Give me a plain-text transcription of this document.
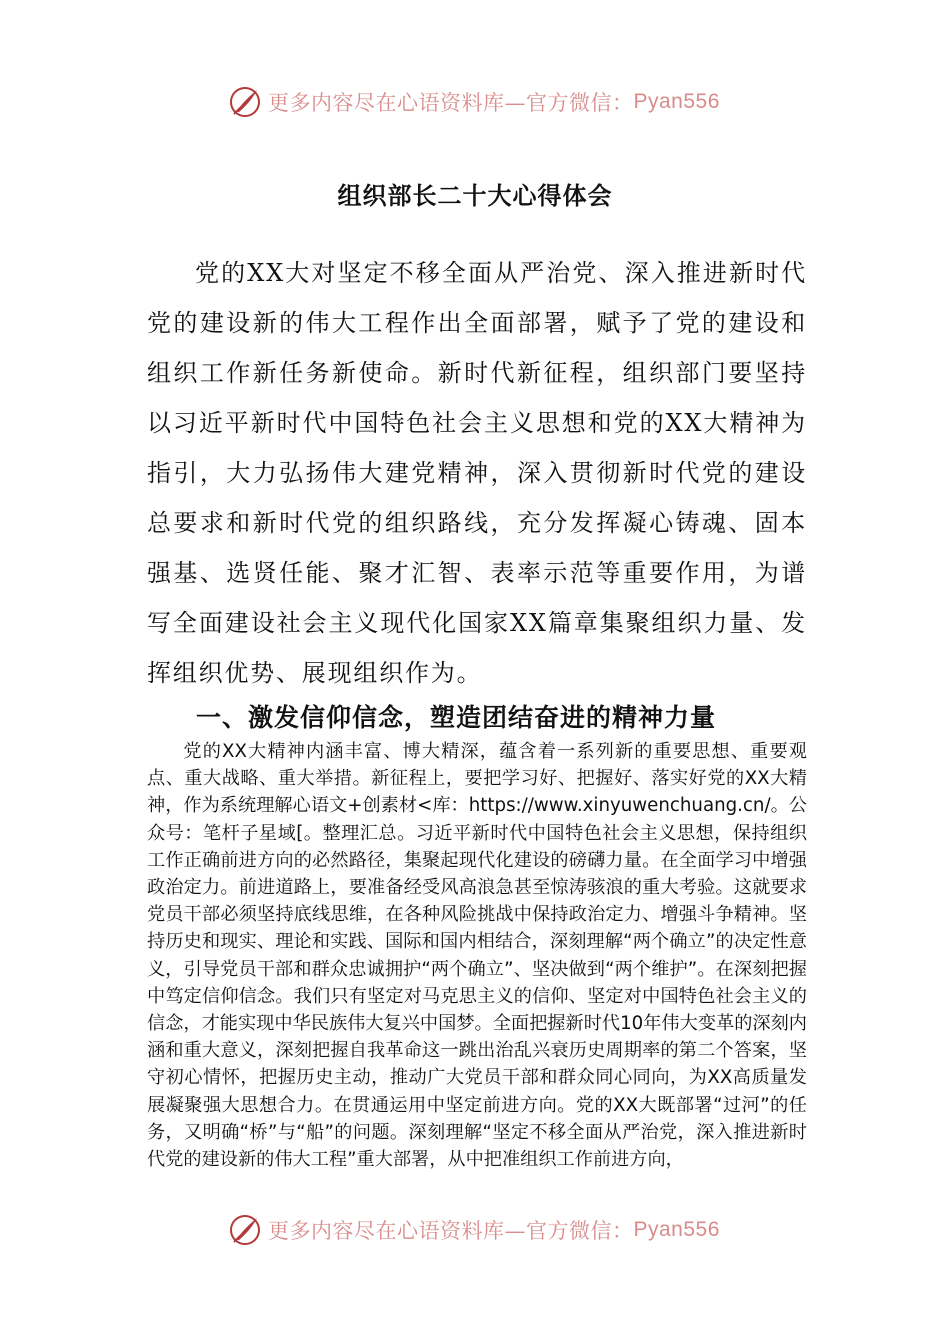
更多内容尽在心语资料库—官方微信： Pyan556
组织部长二十大心得体会

党的XX大对坚定不移全面从严治党、深入推进新时代党的建设新的伟大工程作出全面部署，赋予了党的建设和组织工作新任务新使命。新时代新征程，组织部门要坚持以习近平新时代中国特色社会主义思想和党的XX大精神为指引，大力弘扬伟大建党精神，深入贯彻新时代党的建设总要求和新时代党的组织路线，充分发挥凝心铸魂、固本强基、选贤任能、聚才汇智、表率示范等重要作用，为谱写全面建设社会主义现代化国家XX篇章集聚组织力量、发挥组织优势、展现组织作为。

一、激发信仰信念，塑造团结奋进的精神力量

党的XX大精神内涵丰富、博大精深，蕴含着一系列新的重要思想、重要观点、重大战略、重大举措。新征程上，要把学习好、把握好、落实好党的XX大精神，作为系统理解心语文+创素材<库：https://www.xinyuwenchuang.cn/。公众号：笔杆子星域[。整理汇总。习近平新时代中国特色社会主义思想，保持组织工作正确前进方向的必然路径，集聚起现代化建设的磅礴力量。在全面学习中增强政治定力。前进道路上，要准备经受风高浪急甚至惊涛骇浪的重大考验。这就要求党员干部必须坚持底线思维，在各种风险挑战中保持政治定力、增强斗争精神。坚持历史和现实、理论和实践、国际和国内相结合，深刻理解“两个确立”的决定性意义，引导党员干部和群众忠诚拥护“两个确立”、坚决做到“两个维护”。在深刻把握中笃定信仰信念。我们只有坚定对马克思主义的信仰、坚定对中国特色社会主义的信念，才能实现中华民族伟大复兴中国梦。全面把握新时代10年伟大变革的深刻内涵和重大意义，深刻把握自我革命这一跳出治乱兴衰历史周期率的第二个答案，坚守初心情怀，把握历史主动，推动广大党员干部和群众同心同向，为XX高质量发展凝聚强大思想合力。在贯通运用中坚定前进方向。党的XX大既部署“过河”的任务，又明确“桥”与“船”的问题。深刻理解“坚定不移全面从严治党，深入推进新时代党的建设新的伟大工程”重大部署，从中把准组织工作前进方向，

更多内容尽在心语资料库—官方微信： Pyan556
